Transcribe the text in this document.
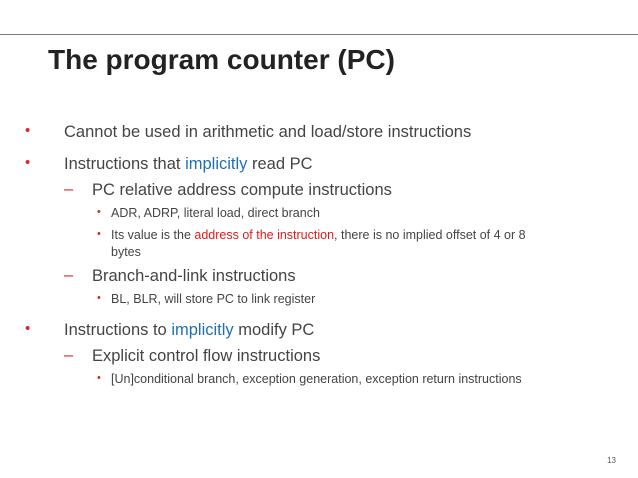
The program counter (PC)
• Cannot be used in arithmetic and load/store instructions
• Instructions that implicitly read PC
– PC relative address compute instructions
• ADR, ADRP, literal load, direct branch
• Its value is the address of the instruction, there is no implied offset of 4 or 8
bytes
– Branch-and-link instructions
• BL, BLR, will store PC to link register
• Instructions to implicitly modify PC
– Explicit control flow instructions
• [Un]conditional branch, exception generation, exception return instructions
13
